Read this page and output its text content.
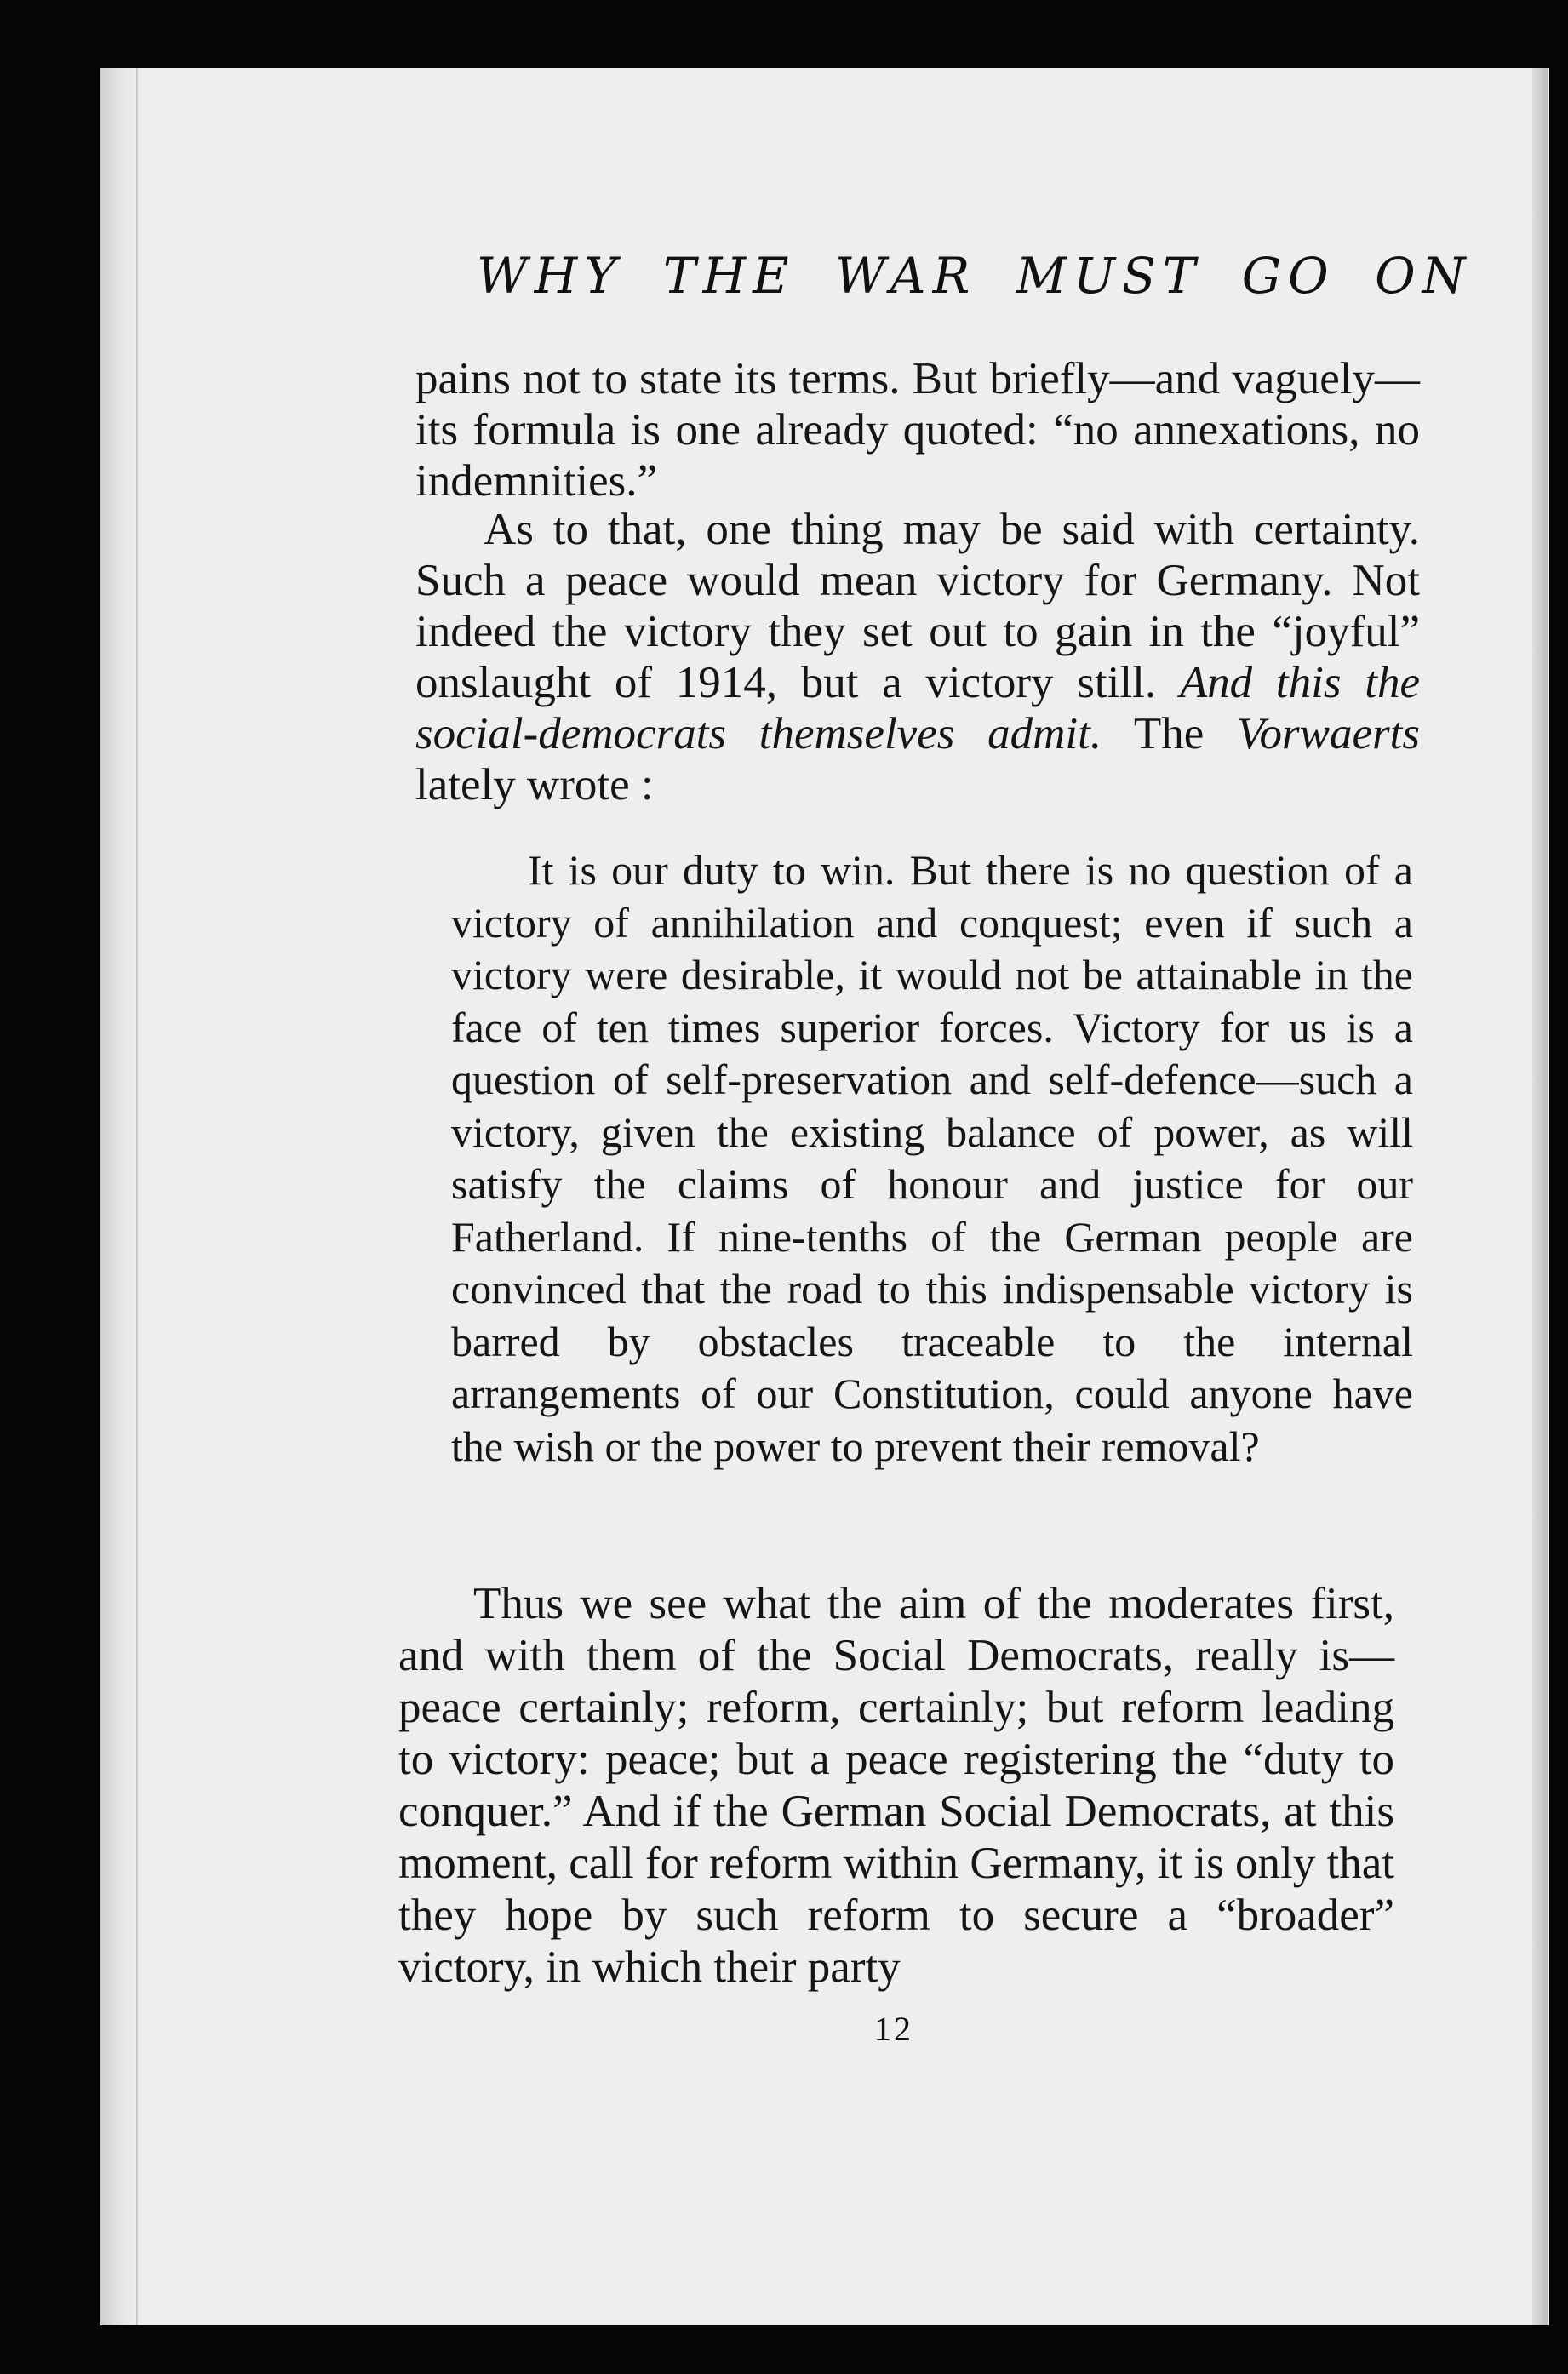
WHY THE WAR MUST GO ON

pains not to state its terms. But briefly—and vaguely—its formula is one already quoted: “no annexations, no indemnities.”

As to that, one thing may be said with certainty. Such a peace would mean victory for Germany. Not indeed the victory they set out to gain in the “joyful” onslaught of 1914, but a victory still. And this the social-democrats themselves admit. The Vorwaerts lately wrote :

It is our duty to win. But there is no question of a victory of annihilation and conquest; even if such a victory were desirable, it would not be attainable in the face of ten times superior forces. Victory for us is a question of self-preservation and self-defence—such a victory, given the existing balance of power, as will satisfy the claims of honour and justice for our Fatherland. If nine-tenths of the German people are convinced that the road to this indispensable victory is barred by obstacles traceable to the internal arrangements of our Constitution, could anyone have the wish or the power to prevent their removal?

Thus we see what the aim of the moderates first, and with them of the Social Democrats, really is—peace certainly; reform, certainly; but reform leading to victory: peace; but a peace registering the “duty to conquer.” And if the German Social Democrats, at this moment, call for reform within Germany, it is only that they hope by such reform to secure a “broader” victory, in which their party

12
